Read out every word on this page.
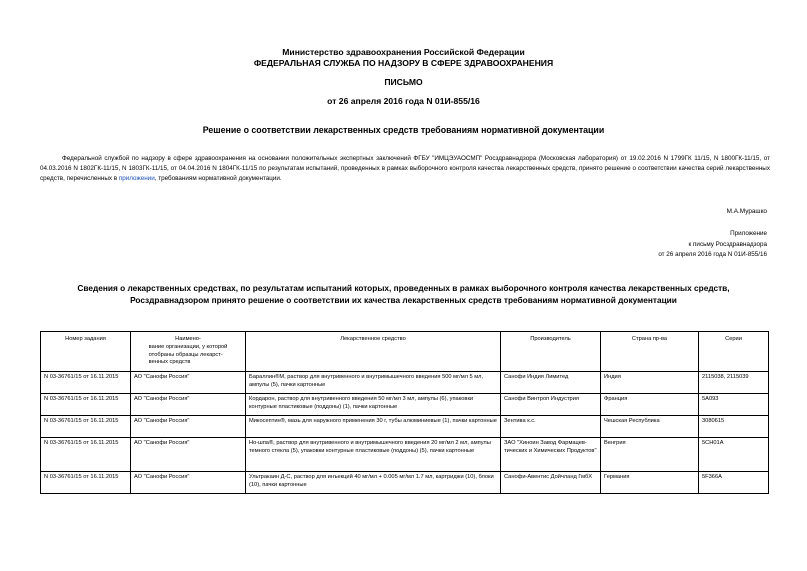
Министерство здравоохранения Российской Федерации
ФЕДЕРАЛЬНАЯ СЛУЖБА ПО НАДЗОРУ В СФЕРЕ ЗДРАВООХРАНЕНИЯ
ПИСЬМО
от 26 апреля 2016 года N 01И-855/16
Решение о соответствии лекарственных средств требованиям нормативной документации
Федеральной службой по надзору в сфере здравоохранения на основании положительных экспертных заключений ФГБУ "ИМЦЭУАОСМП" Росздравнадзора (Московская лаборатория) от 19.02.2016 N 1799ГК 11/15, N 1800ГК-11/15, от 04.03.2016 N 1802ГК-11/15, N 1803ГК-11/15, от 04.04.2016 N 1804ГК-11/15 по результатам испытаний, проведенных в рамках выборочного контроля качества лекарственных средств, принято решение о соответствии качества серий лекарственных средств, перечисленных в приложении, требованиям нормативной документации.
М.А.Мурашко
Приложение
к письму Росздравнадзора
от 26 апреля 2016 года N 01И-855/16
Сведения о лекарственных средствах, по результатам испытаний которых, проведенных в рамках выборочного контроля качества лекарственных средств,
Росздравнадзором принято решение о соответствии их качества лекарственных средств требованиям нормативной документации
Номер задания	Наимено-
вание организации, у которой
отобраны образцы лекарст-
венных средств	Лекарственное средство	Производитель	Страна пр-ва	Серии
N 03-36761/15 от 16.11.2015	АО "Санофи Россия"	Бараллин®М, раствор для внутривенного и внутримышечного введения 500 мг/мл 5 мл, ампулы (5), пачки картонные	Санофи Индия Лимитед	Индия	2115038, 2115039
N 03-36761/15 от 16.11.2015	АО "Санофи Россия"	Кордарон, раствор для внутривенного введения 50 мг/мл 3 мл, ампулы (6), упаковки контурные пластиковые (поддоны) (1), пачки картонные	Санофи Винтроп Индустрия	Франция	5А093
N 03-36761/15 от 16.11.2015	АО "Санофи Россия"	Микосептин®, мазь для наружного применения 30 г, тубы алюминиевые (1), пачки картонные	Зентива к.с.	Чешская Республика	3080615
N 03-36761/15 от 16.11.2015	АО "Санофи Россия"	Но-шпа®, раствор для внутривенного и внутримышечного введения 20 мг/мл 2 мл, ампулы темного стекла (5), упаковки контурные пластиковые (поддоны) (5), пачки картонные	ЗАО "Хиноин Завод Фармацев-тических и Химических Продуктов"	Венгрия	5CH01A
N 03-36761/15 от 16.11.2015	АО "Санофи Россия"	Ультракаин Д-С, раствор для инъекций 40 мг/мл + 0.005 мг/мл 1.7 мл, картриджи (10), блоки (10), пачки картонные	Санофи-Авентис Дойчланд ГмбХ	Германия	5F366A
